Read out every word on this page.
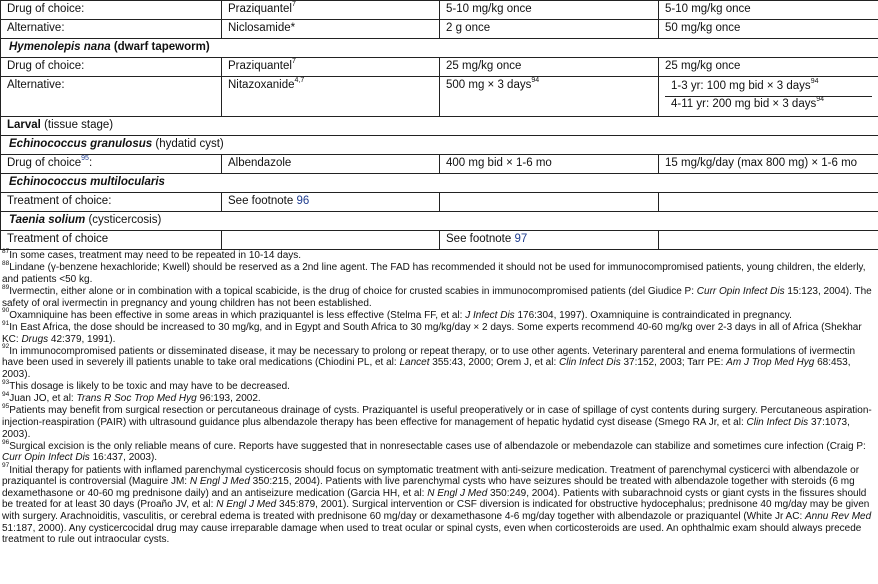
Drug of choice:	Praziquantel$^7$	5-10 mg/kg once	5-10 mg/kg once
Alternative:	Niclosamide*	2 g once	50 mg/kg once
Hymenolepis nana (dwarf tapeworm)			
Drug of choice:	Praziquantel$^7$	25 mg/kg once	25 mg/kg once
Alternative:	Nitazoxanide$^{4,7}$	500 mg × 3 days$^{94}$	1-3 yr: 100 mg bid × 3 days$^{94}$
4-11 yr: 200 mg bid × 3 days$^{94}$

Larval (tissue stage)			
Echinococcus granulosus (hydatid cyst)			
Drug of choice$^{95}$:	Albendazole	400 mg bid × 1-6 mo	15 mg/kg/day (max 800 mg) × 1-6 mo
Echinococcus multilocularis			
Treatment of choice:	See footnote 96		
Taenia solium (cysticercosis)			
Treatment of choice		See footnote 97	

$^{87}$In some cases, treatment may need to be repeated in 10-14 days.

$^{88}$Lindane (γ-benzene hexachloride; Kwell) should be reserved as a 2nd line agent. The FAD has recommended it should not be used for immunocompromised patients, young children, the elderly, and patients <50 kg.

$^{89}$Ivermectin, either alone or in combination with a topical scabicide, is the drug of choice for crusted scabies in immunocompromised patients (del Giudice P: Curr Opin Infect Dis 15:123, 2004). The safety of oral ivermectin in pregnancy and young children has not been established.

$^{90}$Oxamniquine has been effective in some areas in which praziquantel is less effective (Stelma FF, et al: J Infect Dis 176:304, 1997). Oxamniquine is contraindicated in pregnancy.

$^{91}$In East Africa, the dose should be increased to 30 mg/kg, and in Egypt and South Africa to 30 mg/kg/day × 2 days. Some experts recommend 40-60 mg/kg over 2-3 days in all of Africa (Shekhar KC: Drugs 42:379, 1991).

$^{92}$In immunocompromised patients or disseminated disease, it may be necessary to prolong or repeat therapy, or to use other agents. Veterinary parenteral and enema formulations of ivermectin have been used in severely ill patients unable to take oral medications (Chiodini PL, et al: Lancet 355:43, 2000; Orem J, et al: Clin Infect Dis 37:152, 2003; Tarr PE: Am J Trop Med Hyg 68:453, 2003).

$^{93}$This dosage is likely to be toxic and may have to be decreased.

$^{94}$Juan JO, et al: Trans R Soc Trop Med Hyg 96:193, 2002.

$^{95}$Patients may benefit from surgical resection or percutaneous drainage of cysts. Praziquantel is useful preoperatively or in case of spillage of cyst contents during surgery. Percutaneous aspiration-injection-reaspiration (PAIR) with ultrasound guidance plus albendazole therapy has been effective for management of hepatic hydatid cyst disease (Smego RA Jr, et al: Clin Infect Dis 37:1073, 2003).

$^{96}$Surgical excision is the only reliable means of cure. Reports have suggested that in nonresectable cases use of albendazole or mebendazole can stabilize and sometimes cure infection (Craig P: Curr Opin Infect Dis 16:437, 2003).

$^{97}$Initial therapy for patients with inflamed parenchymal cysticercosis should focus on symptomatic treatment with anti-seizure medication. Treatment of parenchymal cysticerci with albendazole or praziquantel is controversial (Maguire JM: N Engl J Med 350:215, 2004). Patients with live parenchymal cysts who have seizures should be treated with albendazole together with steroids (6 mg dexamethasone or 40-60 mg prednisone daily) and an antiseizure medication (Garcia HH, et al: N Engl J Med 350:249, 2004). Patients with subarachnoid cysts or giant cysts in the fissures should be treated for at least 30 days (Proaño JV, et al: N Engl J Med 345:879, 2001). Surgical intervention or CSF diversion is indicated for obstructive hydocephalus; prednisone 40 mg/day may be given with surgery. Arachnoiditis, vasculitis, or cerebral edema is treated with prednisone 60 mg/day or dexamethasone 4-6 mg/day together with albendazole or praziquantel (White Jr AC: Annu Rev Med 51:187, 2000). Any cysticercocidal drug may cause irreparable damage when used to treat ocular or spinal cysts, even when corticosteroids are used. An ophthalmic exam should always precede treatment to rule out intraocular cysts.
